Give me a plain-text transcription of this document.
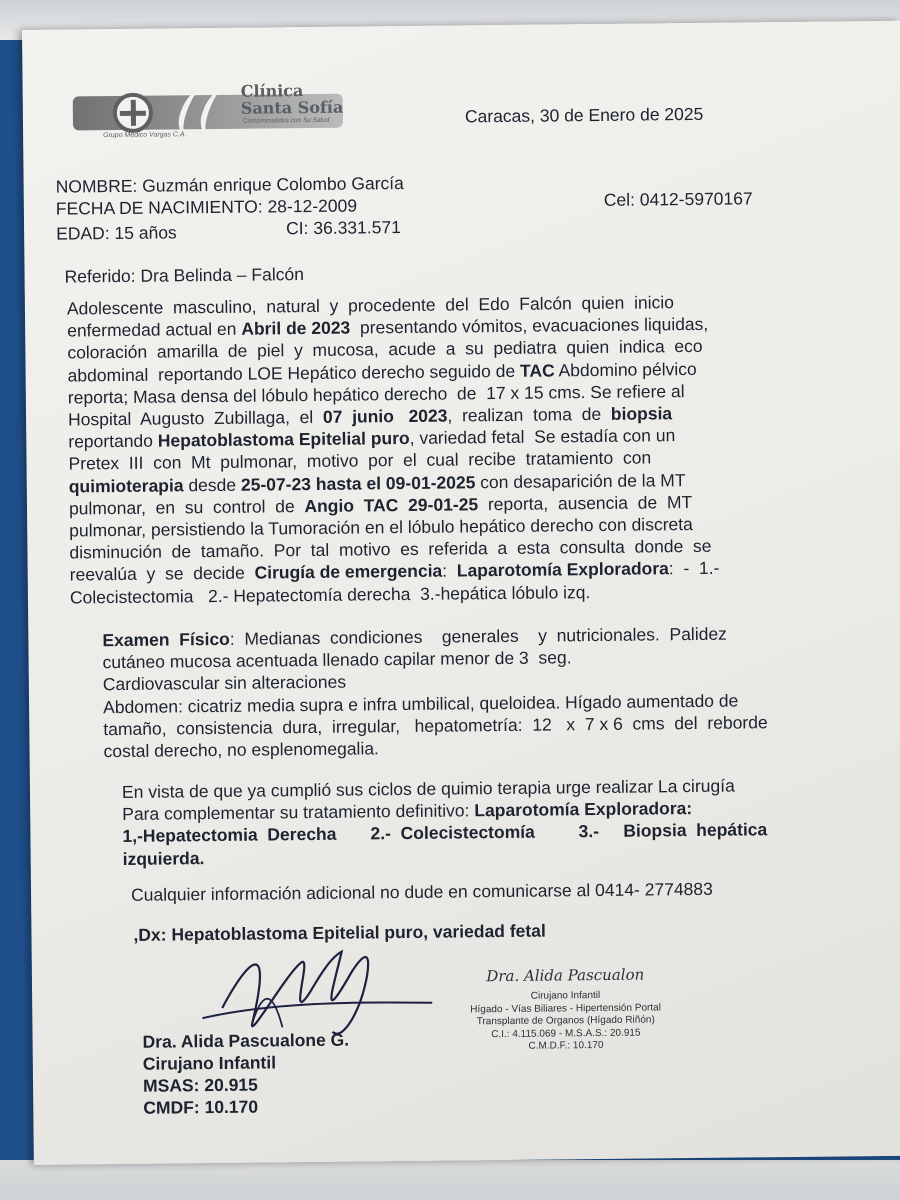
Clínica
Santa Sofía
Comprometidos con Su Salud
Grupo Médico Vargas C.A.
Caracas, 30 de Enero de 2025
NOMBRE: Guzmán enrique Colombo García
FECHA DE NACIMIENTO: 28-12-2009	Cel: 0412-5970167
EDAD: 15 años	CI: 36.331.571
Referido: Dra Belinda – Falcón
Adolescente  masculino,  natural  y  procedente  del  Edo  Falcón  quien  inicio
enfermedad actual en Abril de 2023  presentando vómitos, evacuaciones liquidas,
coloración  amarilla  de  piel  y  mucosa,  acude  a  su  pediatra  quien  indica  eco
abdominal  reportando LOE Hepático derecho seguido de TAC Abdomino pélvico
reporta; Masa densa del lóbulo hepático derecho  de  17 x 15 cms. Se refiere al
Hospital  Augusto  Zubillaga,  el  07  junio   2023,  realizan  toma  de  biopsia
reportando Hepatoblastoma Epitelial puro, variedad fetal  Se estadía con un
Pretex  III  con  Mt  pulmonar,  motivo  por  el  cual  recibe  tratamiento  con
quimioterapia desde 25-07-23 hasta el 09-01-2025 con desaparición de la MT
pulmonar,  en  su  control  de  Angio  TAC  29-01-25  reporta,  ausencia  de  MT
pulmonar, persistiendo la Tumoración en el lóbulo hepático derecho con discreta
disminución  de  tamaño.  Por  tal  motivo  es  referida  a  esta  consulta  donde  se
reevalúa  y  se  decide  Cirugía de emergencia:  Laparotomía Exploradora:  -  1.-
Colecistectomia   2.- Hepatectomía derecha  3.-hepática lóbulo izq.
Examen  Físico:  Medianas  condiciones    generales    y  nutricionales.  Palidez
cutáneo mucosa acentuada llenado capilar menor de 3  seg.
Cardiovascular sin alteraciones
Abdomen: cicatriz media supra e infra umbilical, queloidea. Hígado aumentado de
tamaño,  consistencia  dura,  irregular,   hepatometría:  12   x  7 x 6  cms  del  reborde
costal derecho, no esplenomegalia.
En vista de que ya cumplió sus ciclos de quimio terapia urge realizar La cirugía
Para complementar su tratamiento definitivo: Laparotomía Exploradora:
1,-Hepatectomia  Derecha       2.-  Colecistectomía         3.-     Biopsia  hepática
izquierda.
Cualquier información adicional no dude en comunicarse al 0414- 2774883
,Dx: Hepatoblastoma Epitelial puro, variedad fetal
Dra. Alida Pascualone G.
Cirujano Infantil
MSAS: 20.915
CMDF: 10.170
Dra. Alida Pascualon
Cirujano Infantil
Hígado - Vías Biliares - Hipertensión Portal
Transplante de Organos (Hígado Riñón)
C.I.: 4.115.069 - M.S.A.S.: 20.915
C.M.D.F.: 10.170
